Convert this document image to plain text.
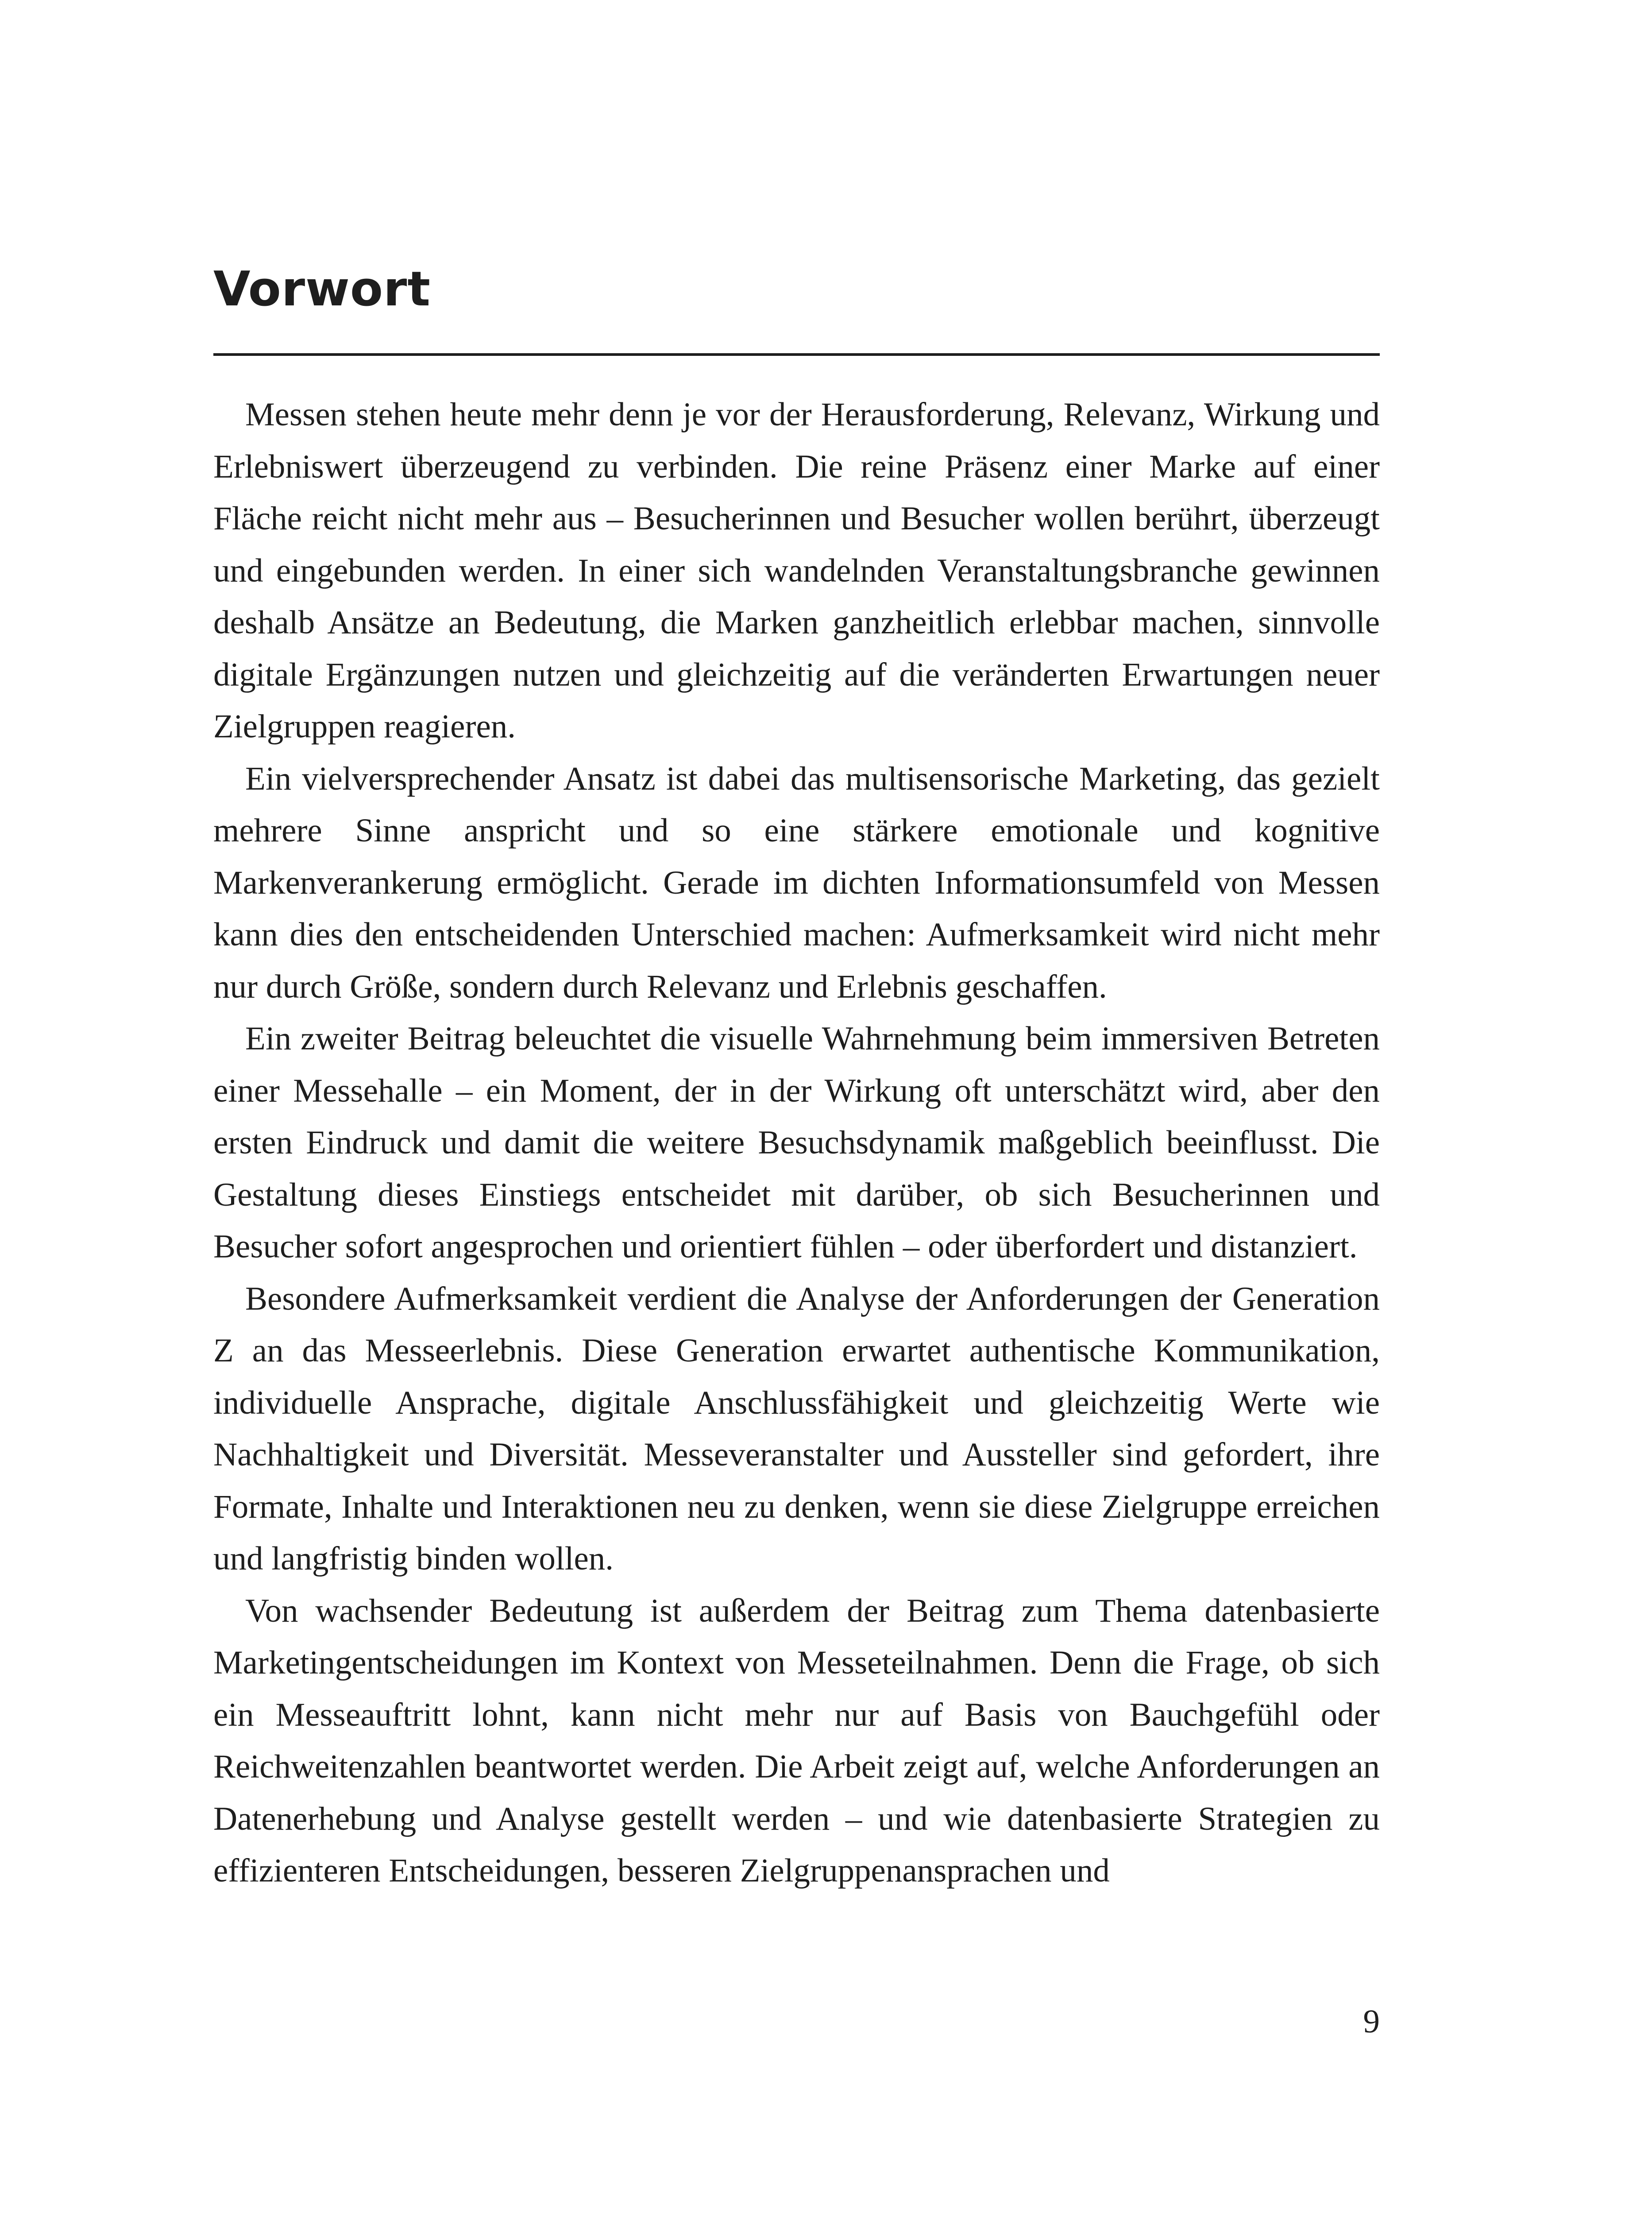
Vorwort

Messen stehen heute mehr denn je vor der Herausforderung, Relevanz, Wirkung und Erlebniswert überzeugend zu verbinden. Die reine Präsenz einer Marke auf einer Fläche reicht nicht mehr aus – Besucherinnen und Besucher wollen berührt, überzeugt und eingebunden werden. In einer sich wandelnden Veranstaltungsbranche gewinnen deshalb Ansätze an Bedeutung, die Marken ganzheitlich erlebbar machen, sinnvolle digitale Ergänzungen nutzen und gleichzeitig auf die veränderten Erwartungen neuer Zielgruppen reagieren.

Ein vielversprechender Ansatz ist dabei das multisensorische Marketing, das gezielt mehrere Sinne anspricht und so eine stärkere emotionale und kognitive Markenverankerung ermöglicht. Gerade im dichten Informationsumfeld von Messen kann dies den entscheidenden Unterschied machen: Aufmerksamkeit wird nicht mehr nur durch Größe, sondern durch Relevanz und Erlebnis geschaffen.

Ein zweiter Beitrag beleuchtet die visuelle Wahrnehmung beim immersiven Betreten einer Messehalle – ein Moment, der in der Wirkung oft unterschätzt wird, aber den ersten Eindruck und damit die weitere Besuchsdynamik maßgeblich beeinflusst. Die Gestaltung dieses Einstiegs entscheidet mit darüber, ob sich Besucherinnen und Besucher sofort angesprochen und orientiert fühlen – oder überfordert und distanziert.

Besondere Aufmerksamkeit verdient die Analyse der Anforderungen der Generation Z an das Messeerlebnis. Diese Generation erwartet authentische Kommunikation, individuelle Ansprache, digitale Anschlussfähigkeit und gleichzeitig Werte wie Nachhaltigkeit und Diversität. Messeveranstalter und Aussteller sind gefordert, ihre Formate, Inhalte und Interaktionen neu zu denken, wenn sie diese Zielgruppe erreichen und langfristig binden wollen.

Von wachsender Bedeutung ist außerdem der Beitrag zum Thema datenbasierte Marketingentscheidungen im Kontext von Messeteilnahmen. Denn die Frage, ob sich ein Messeauftritt lohnt, kann nicht mehr nur auf Basis von Bauchgefühl oder Reichweitenzahlen beantwortet werden. Die Arbeit zeigt auf, welche Anforderungen an Datenerhebung und Analyse gestellt werden – und wie datenbasierte Strategien zu effizienteren Entscheidungen, besseren Zielgruppenansprachen und

9
